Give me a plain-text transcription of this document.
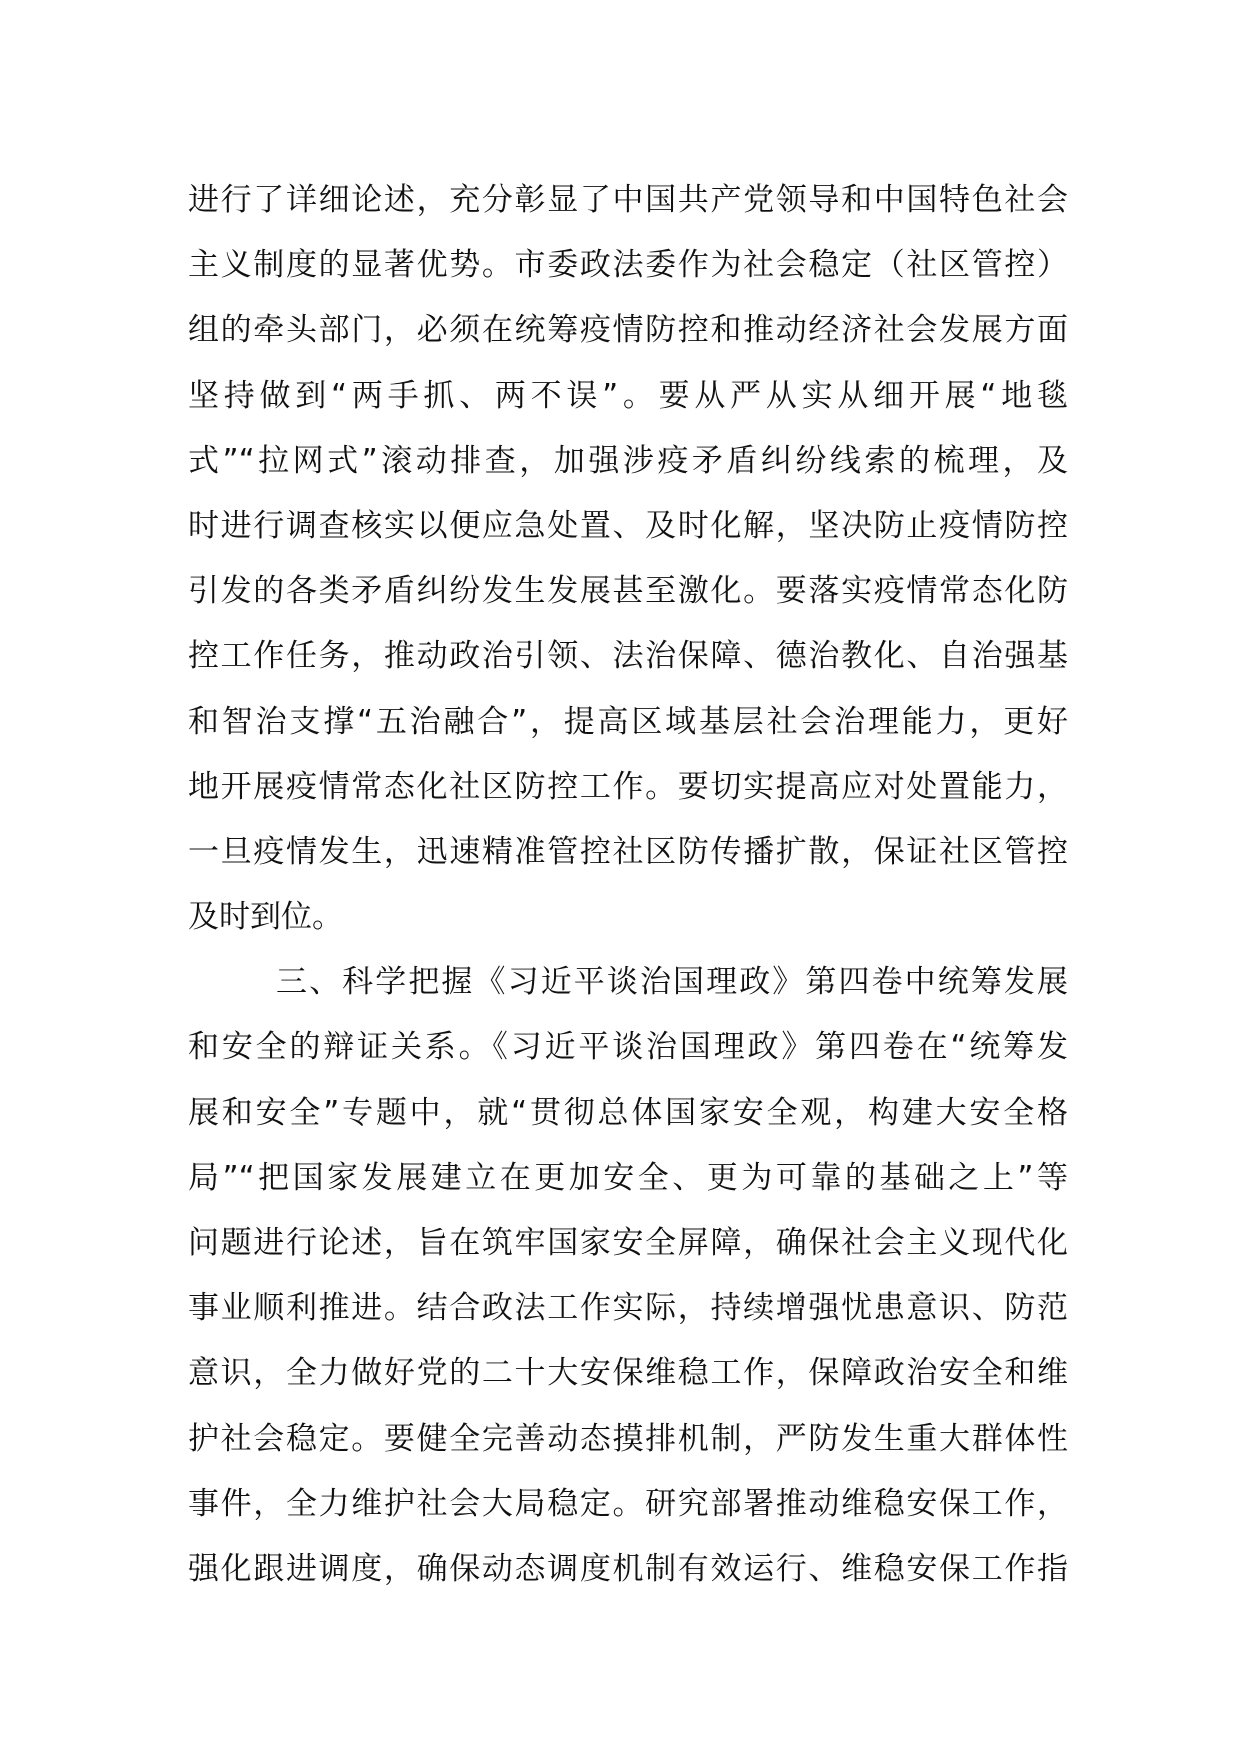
进行了详细论述，充分彰显了中国共产党领导和中国特色社会
主义制度的显著优势。市委政法委作为社会稳定（社区管控）
组的牵头部门，必须在统筹疫情防控和推动经济社会发展方面
坚持做到“两手抓、两不误”。要从严从实从细开展“地毯
式”“拉网式”滚动排查，加强涉疫矛盾纠纷线索的梳理，及
时进行调查核实以便应急处置、及时化解，坚决防止疫情防控
引发的各类矛盾纠纷发生发展甚至激化。要落实疫情常态化防
控工作任务，推动政治引领、法治保障、德治教化、自治强基
和智治支撑“五治融合”，提高区域基层社会治理能力，更好
地开展疫情常态化社区防控工作。要切实提高应对处置能力，
一旦疫情发生，迅速精准管控社区防传播扩散，保证社区管控
及时到位。
三、科学把握《习近平谈治国理政》第四卷中统筹发展
和安全的辩证关系。《习近平谈治国理政》第四卷在“统筹发
展和安全”专题中，就“贯彻总体国家安全观，构建大安全格
局”“把国家发展建立在更加安全、更为可靠的基础之上”等
问题进行论述，旨在筑牢国家安全屏障，确保社会主义现代化
事业顺利推进。结合政法工作实际，持续增强忧患意识、防范
意识，全力做好党的二十大安保维稳工作，保障政治安全和维
护社会稳定。要健全完善动态摸排机制，严防发生重大群体性
事件，全力维护社会大局稳定。研究部署推动维稳安保工作，
强化跟进调度，确保动态调度机制有效运行、维稳安保工作指
